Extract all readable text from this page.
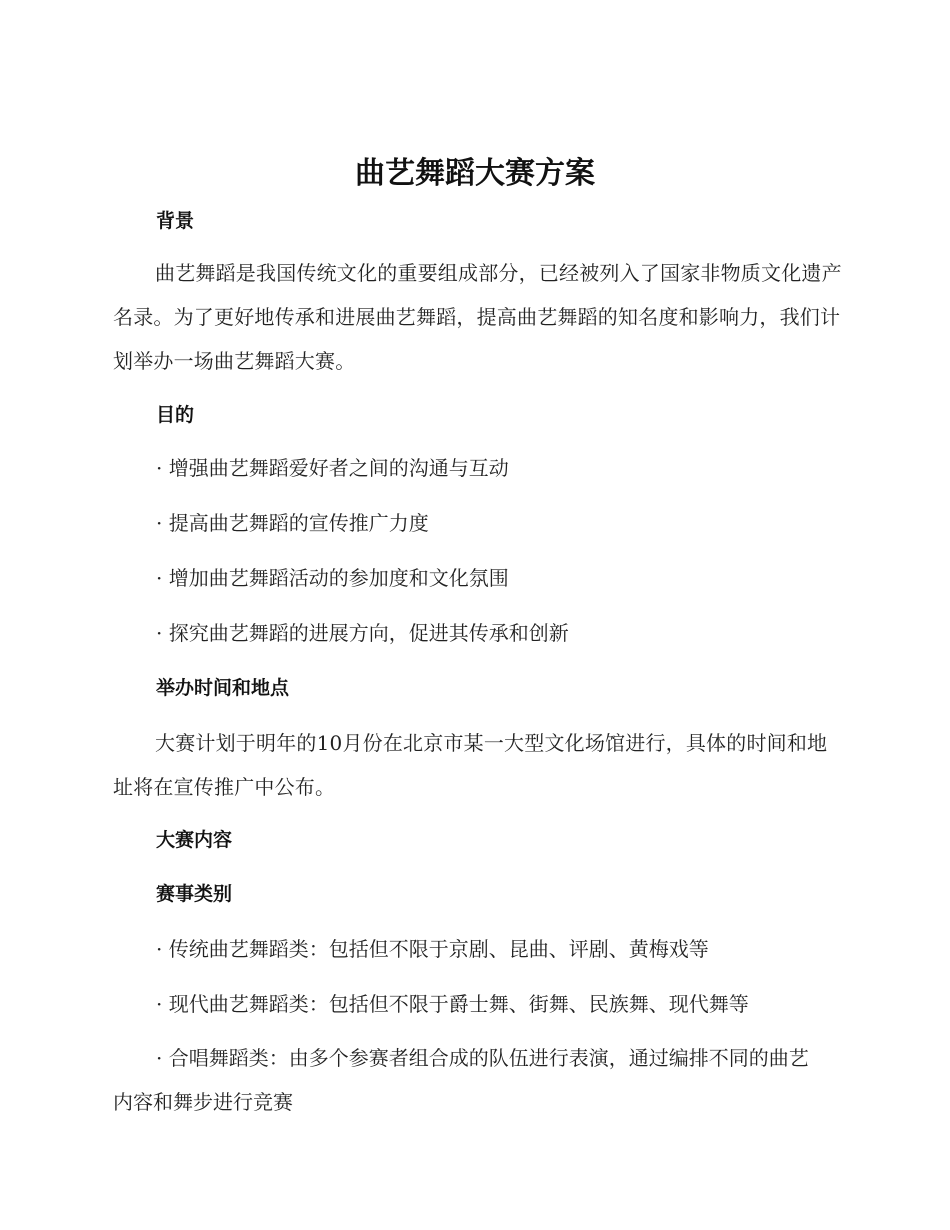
曲艺舞蹈大赛方案
背景
曲艺舞蹈是我国传统文化的重要组成部分，已经被列入了国家非物质文化遗产名录。为了更好地传承和进展曲艺舞蹈，提高曲艺舞蹈的知名度和影响力，我们计划举办一场曲艺舞蹈大赛。
目的
· 增强曲艺舞蹈爱好者之间的沟通与互动
· 提高曲艺舞蹈的宣传推广力度
· 增加曲艺舞蹈活动的参加度和文化氛围
· 探究曲艺舞蹈的进展方向，促进其传承和创新
举办时间和地点
大赛计划于明年的10月份在北京市某一大型文化场馆进行，具体的时间和地址将在宣传推广中公布。
大赛内容
赛事类别
· 传统曲艺舞蹈类：包括但不限于京剧、昆曲、评剧、黄梅戏等
· 现代曲艺舞蹈类：包括但不限于爵士舞、街舞、民族舞、现代舞等
· 合唱舞蹈类：由多个参赛者组合成的队伍进行表演，通过编排不同的曲艺内容和舞步进行竞赛
